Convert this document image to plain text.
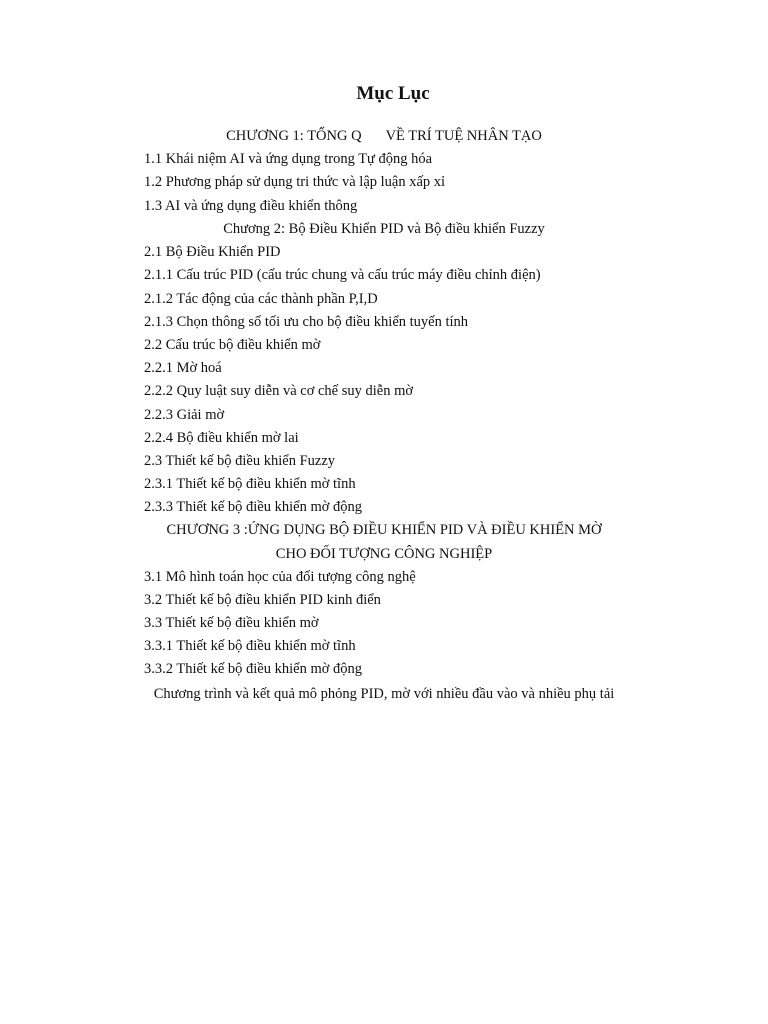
Mục Lục
CHƯƠNG 1: TỔNG Q VỀ TRÍ TUỆ NHÂN TẠO
1.1 Khái niệm AI và ứng dụng trong Tự động hóa
1.2 Phương pháp sử dụng tri thức và lập luận xấp xỉ
1.3 AI và ứng dụng điều khiển thông
Chương 2: Bộ Điều Khiển PID và Bộ điều khiển Fuzzy
2.1 Bộ Điều Khiển PID
2.1.1 Cấu trúc PID (cấu trúc chung và cấu trúc máy điều chỉnh điện)
2.1.2 Tác động của các thành phần P,I,D
2.1.3 Chọn thông số tối ưu cho bộ điều khiển tuyến tính
2.2 Cấu trúc bộ điều khiển mờ
2.2.1 Mờ hoá
2.2.2 Quy luật suy diễn và cơ chế suy diễn mờ
2.2.3 Giải mờ
2.2.4 Bộ điều khiển mờ lai
2.3 Thiết kế bộ điều khiển Fuzzy
2.3.1 Thiết kế bộ điều khiển mờ tĩnh
2.3.3 Thiết kế bộ điều khiển mờ động
CHƯƠNG 3 :ỨNG DỤNG BỘ ĐIỀU KHIỂN PID VÀ ĐIỀU KHIỂN MỜ
CHO ĐỐI TƯỢNG CÔNG NGHIỆP
3.1 Mô hình toán học của đối tượng công nghệ
3.2 Thiết kế bộ điều khiển PID kinh điển
3.3 Thiết kế bộ điều khiển mờ
3.3.1 Thiết kế bộ điều khiển mờ tĩnh
3.3.2 Thiết kế bộ điều khiển mờ động
Chương trình và kết quả mô phỏng PID, mờ với nhiều đầu vào và nhiều phụ tải
